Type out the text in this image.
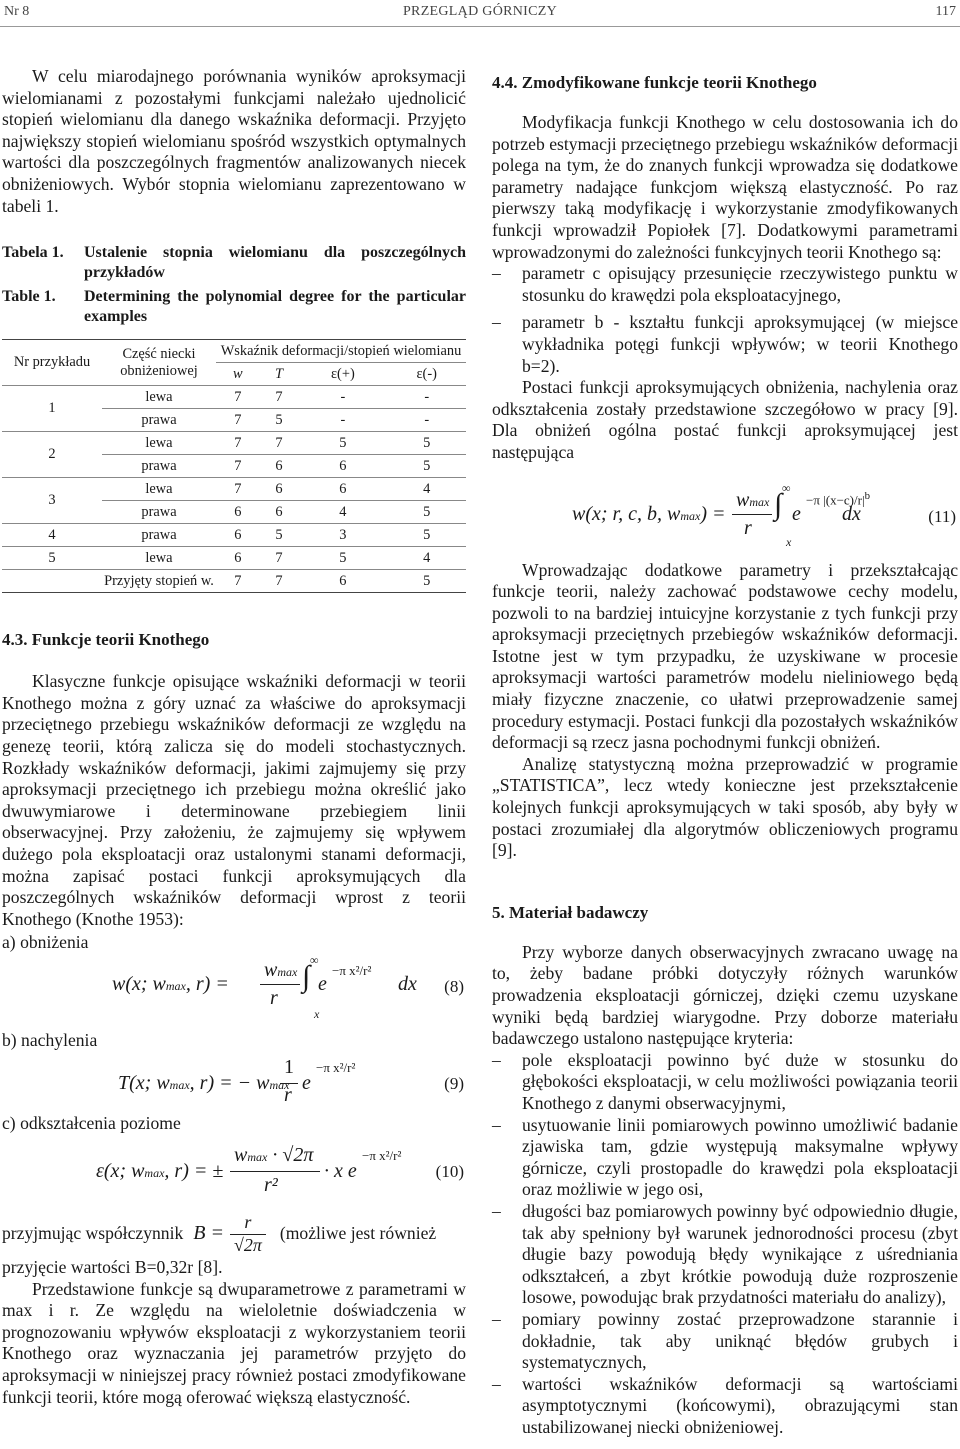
Nr 8	PRZEGLĄD GÓRNICZY	117

W celu miarodajnego porównania wyników aproksymacji wielomianami z pozostałymi funkcjami należało ujednolicić stopień wielomianu dla danego wskaźnika deformacji. Przyjęto największy stopień wielomianu spośród wszystkich optymalnych wartości dla poszczególnych fragmentów analizowanych niecek obniżeniowych. Wybór stopnia wielomianu zaprezentowano w tabeli 1.

Tabela 1.	Ustalenie stopnia wielomianu dla poszczególnych przykładów
Table 1.	Determining the polynomial degree for the particular examples
Nr przykładu	Część niecki obniżeniowej	Wskaźnik deformacji/stopień wielomianu			
		w	T	ε(+)	ε(-)
1	lewa	7	7	-	-
	prawa	7	5	-	-
2	lewa	7	7	5	5
	prawa	7	6	6	5
3	lewa	7	6	6	4
	prawa	6	6	4	5
4	prawa	6	5	3	5
5	lewa	6	7	5	4
	Przyjęty stopień w.	7	7	6	5
4.3. Funkcje teorii Knothego

Klasyczne funkcje opisujące wskaźniki deformacji w teorii Knothego można z góry uznać za właściwe do aproksymacji przeciętnego przebiegu wskaźników deformacji ze względu na genezę teorii, którą zalicza się do modeli stochastycznych. Rozkłady wskaźników deformacji, jakimi zajmujemy się przy aproksymacji przeciętnego ich przebiegu można określić jako dwuwymiarowe i determinowane przebiegiem linii obserwacyjnej. Przy założeniu, że zajmujemy się wpływem dużego pola eksploatacji oraz ustalonymi stanami deformacji, można zapisać postaci funkcji aproksymujących dla poszczególnych wskaźników deformacji wprost z teorii Knothego (Knothe 1953):

a) obniżenia
w(x; wmax, r) =
wmax
r
∫ ∞
x
e
−π x²/r²
dx (8)
b) nachylenia
T(x; wmax, r) = − wmax
1
r
e
−π x²/r²
(9)
c) odkształcenia poziome
ε(x; wmax, r) = ±
wmax · √2π
r²
· x e
−π x²/r²
(10)
przyjmując współczynnik $B = \frac{r}{√2\pi}$ (możliwe jest również

przyjęcie wartości B=0,32r [8].

Przedstawione funkcje są dwuparametrowe z parametrami w max i r. Ze względu na wieloletnie doświadczenia w prognozowaniu wpływów eksploatacji z wykorzystaniem teorii Knothego oraz wyznaczania jej parametrów przyjęto do aproksymacji w niniejszej pracy również postaci zmodyfikowane funkcji teorii, które mogą oferować większą elastyczność.

4.4. Zmodyfikowane funkcje teorii Knothego

Modyfikacja funkcji Knothego w celu dostosowania ich do potrzeb estymacji przeciętnego przebiegu wskaźników deformacji polega na tym, że do znanych funkcji wprowadza się dodatkowe parametry nadające funkcjom większą elastyczność. Po raz pierwszy taką modyfikację i wykorzystanie zmodyfikowanych funkcji wprowadził Popiołek [7]. Dodatkowymi parametrami wprowadzonymi do zależności funkcyjnych teorii Knothego są:

– parametr c opisujący przesunięcie rzeczywistego punktu w stosunku do krawędzi pola eksploatacyjnego,
– parametr b - kształtu funkcji aproksymującej (w miejsce wykładnika potęgi funkcji wpływów; w teorii Knothego b=2).

Postaci funkcji aproksymujących obniżenia, nachylenia oraz odkształcenia zostały przedstawione szczegółowo w pracy [9]. Dla obniżeń ogólna postać funkcji aproksymującej jest następująca

w(x; r, c, b, wmax) =
wmax
r
∫ ∞
x
e
−π $|(x-c)/r|^b$
dx	(11)

Wprowadzając dodatkowe parametry i przekształcając funkcje teorii, należy zachować podstawowe cechy modelu, pozwoli to na bardziej intuicyjne korzystanie z tych funkcji przy aproksymacji przeciętnych przebiegów wskaźników deformacji. Istotne jest w tym przypadku, że uzyskiwane w procesie aproksymacji wartości parametrów modelu nieliniowego będą miały fizyczne znaczenie, co ułatwi przeprowadzenie samej procedury estymacji. Postaci funkcji dla pozostałych wskaźników deformacji są rzecz jasna pochodnymi funkcji obniżeń.

Analizę statystyczną można przeprowadzić w programie „STATISTICA”, lecz wtedy konieczne jest przekształcenie kolejnych funkcji aproksymujących w taki sposób, aby były w postaci zrozumiałej dla algorytmów obliczeniowych programu [9].

5. Materiał badawczy

Przy wyborze danych obserwacyjnych zwracano uwagę na to, żeby badane próbki dotyczyły różnych warunków prowadzenia eksploatacji górniczej, dzięki czemu uzyskane wyniki będą bardziej wiarygodne. Przy doborze materiału badawczego ustalono następujące kryteria:

– pole eksploatacji powinno być duże w stosunku do głębokości eksploatacji, w celu możliwości powiązania teorii Knothego z danymi obserwacyjnymi,
– usytuowanie linii pomiarowych powinno umożliwić badanie zjawiska tam, gdzie występują maksymalne wpływy górnicze, czyli prostopadle do krawędzi pola eksploatacji oraz możliwie w jego osi,
– długości baz pomiarowych powinny być odpowiednio długie, tak aby spełniony był warunek jednorodności procesu (zbyt długie bazy powodują błędy wynikające z uśredniania odkształceń, a zbyt krótkie powodują duże rozproszenie losowe, powodując brak przydatności materiału do analizy),
– pomiary powinny zostać przeprowadzone starannie i dokładnie, tak aby uniknąć błędów grubych i systematycznych,
– wartości wskaźników deformacji są wartościami asymptotycznymi (końcowymi), obrazującymi stan ustabilizowanej niecki obniżeniowej.
